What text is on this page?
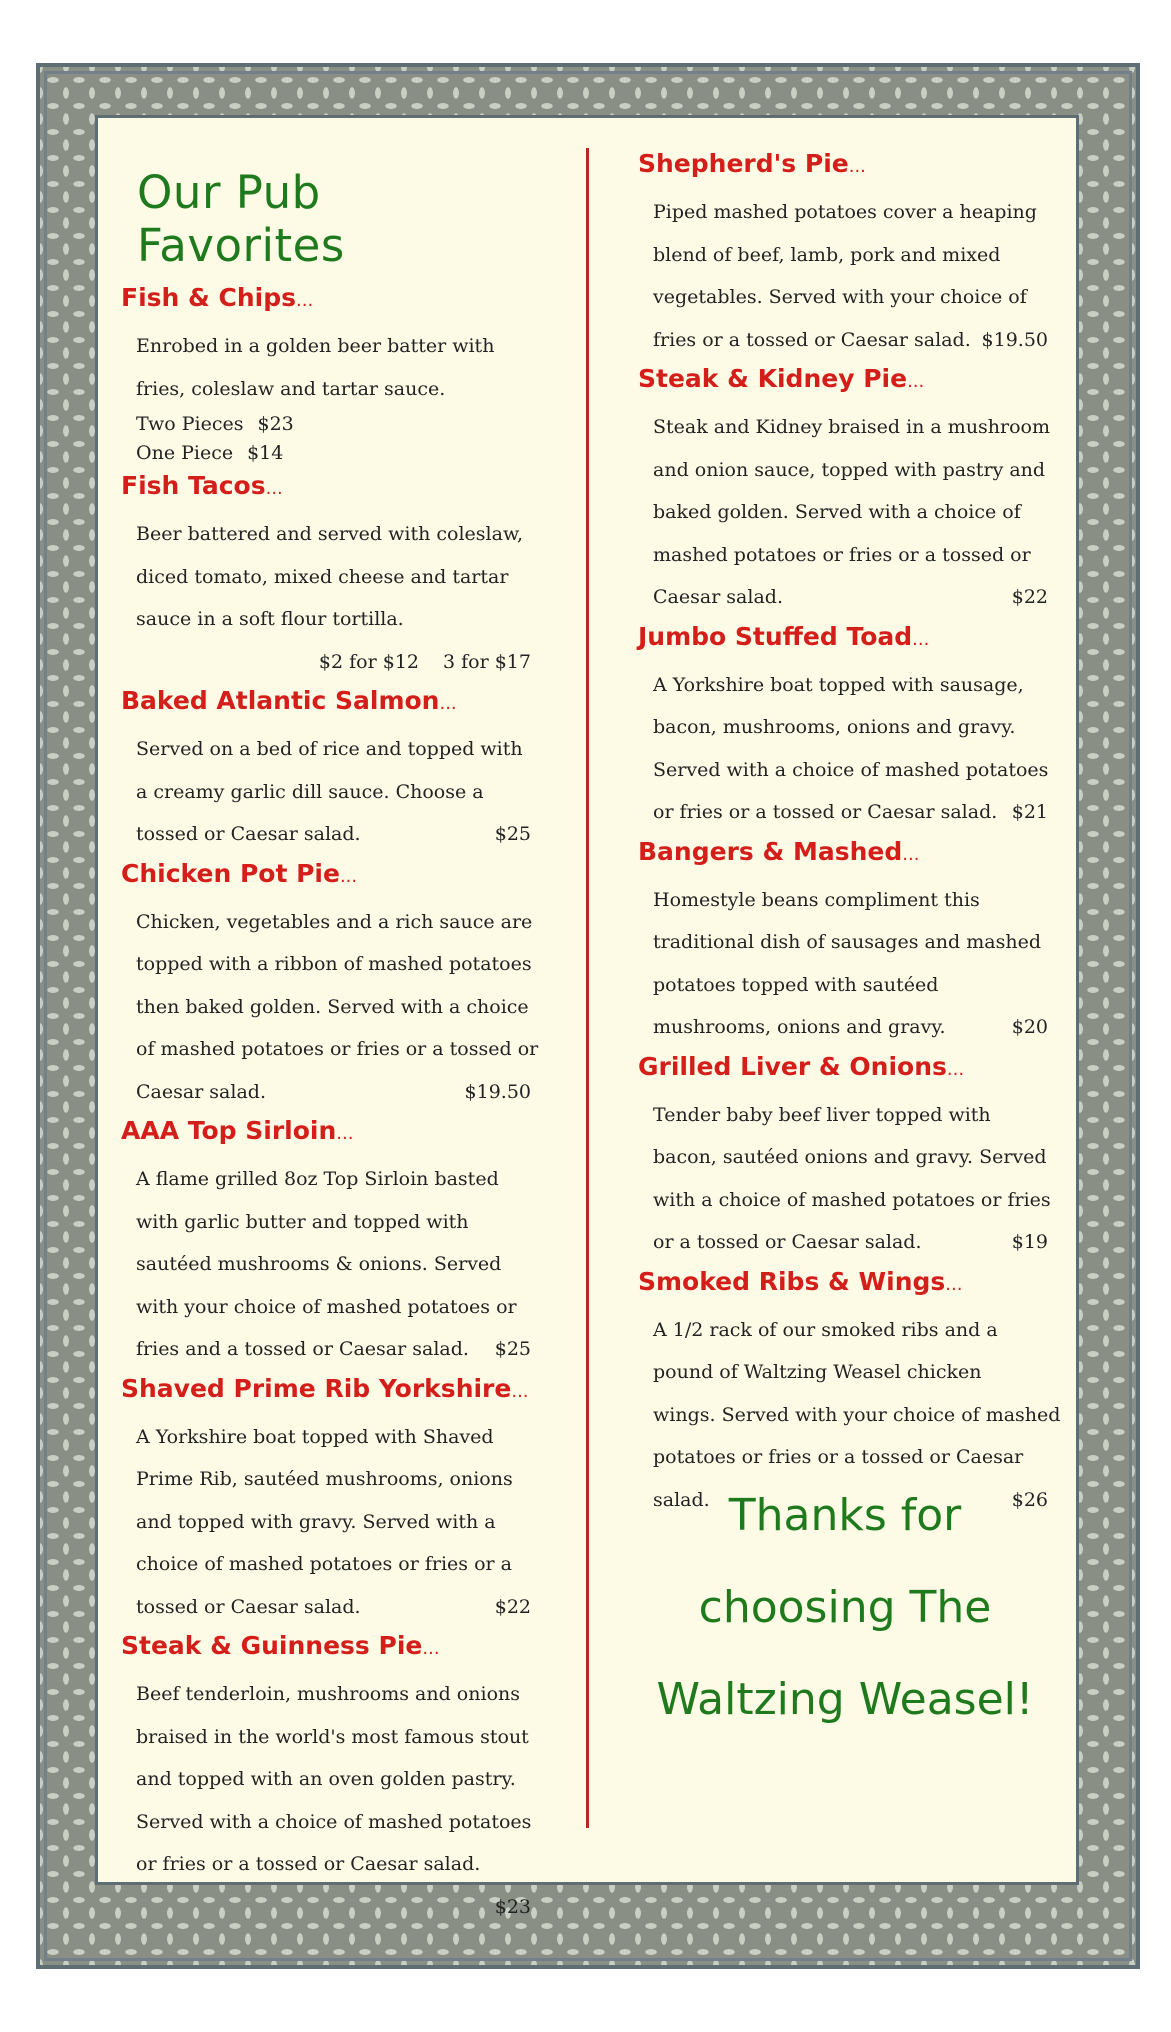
Our Pub Favorites
Fish & Chips...
Enrobed in a golden beer batter with
fries, coleslaw and tartar sauce.
Two Pieces $23
One Piece $14
Fish Tacos...
Beer battered and served with coleslaw,
diced tomato, mixed cheese and tartar
sauce in a soft flour tortilla.
$2 for $12 3 for $17
Baked Atlantic Salmon...
Served on a bed of rice and topped with
a creamy garlic dill sauce. Choose a
tossed or Caesar salad.	$25
Chicken Pot Pie...
Chicken, vegetables and a rich sauce are
topped with a ribbon of mashed potatoes
then baked golden. Served with a choice
of mashed potatoes or fries or a tossed or
Caesar salad.	$19.50
AAA Top Sirloin...
A flame grilled 8oz Top Sirloin basted
with garlic butter and topped with
sautéed mushrooms & onions. Served
with your choice of mashed potatoes or
fries and a tossed or Caesar salad. $25
Shaved Prime Rib Yorkshire...
A Yorkshire boat topped with Shaved
Prime Rib, sautéed mushrooms, onions
and topped with gravy. Served with a
choice of mashed potatoes or fries or a
tossed or Caesar salad.	$22
Steak & Guinness Pie...
Beef tenderloin, mushrooms and onions
braised in the world's most famous stout
and topped with an oven golden pastry.
Served with a choice of mashed potatoes
or fries or a tossed or Caesar salad.
$23
Shepherd's Pie...
Piped mashed potatoes cover a heaping
blend of beef, lamb, pork and mixed
vegetables. Served with your choice of
fries or a tossed or Caesar salad. $19.50
Steak & Kidney Pie...
Steak and Kidney braised in a mushroom
and onion sauce, topped with pastry and
baked golden. Served with a choice of
mashed potatoes or fries or a tossed or
Caesar salad.	$22
Jumbo Stuffed Toad...
A Yorkshire boat topped with sausage,
bacon, mushrooms, onions and gravy.
Served with a choice of mashed potatoes
or fries or a tossed or Caesar salad. $21
Bangers & Mashed...
Homestyle beans compliment this
traditional dish of sausages and mashed
potatoes topped with sautéed
mushrooms, onions and gravy.	$20
Grilled Liver & Onions...
Tender baby beef liver topped with
bacon, sautéed onions and gravy. Served
with a choice of mashed potatoes or fries
or a tossed or Caesar salad.	$19
Smoked Ribs & Wings...
A 1/2 rack of our smoked ribs and a
pound of Waltzing Weasel chicken
wings. Served with your choice of mashed
potatoes or fries or a tossed or Caesar
salad.	$26
Thanks for
choosing The
Waltzing Weasel!
